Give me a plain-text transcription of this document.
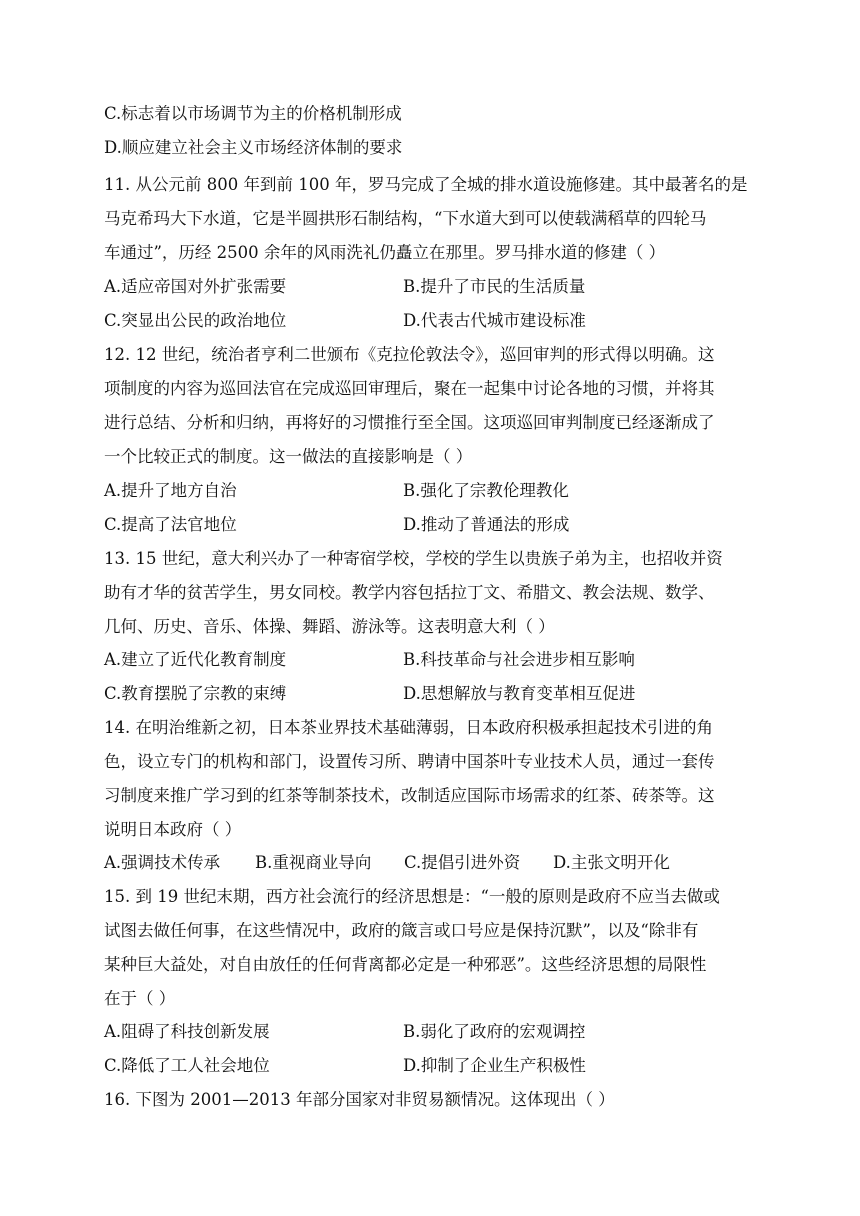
C.标志着以市场调节为主的价格机制形成
D.顺应建立社会主义市场经济体制的要求
11. 从公元前 800 年到前 100 年，罗马完成了全城的排水道设施修建。其中最著名的是
马克希玛大下水道，它是半圆拱形石制结构，“下水道大到可以使载满稻草的四轮马
车通过”，历经 2500 余年的风雨洗礼仍矗立在那里。罗马排水道的修建（ ）
A.适应帝国对外扩张需要	B.提升了市民的生活质量
C.突显出公民的政治地位	D.代表古代城市建设标准
12. 12 世纪，统治者亨利二世颁布《克拉伦敦法令》，巡回审判的形式得以明确。这
项制度的内容为巡回法官在完成巡回审理后，聚在一起集中讨论各地的习惯，并将其
进行总结、分析和归纳，再将好的习惯推行至全国。这项巡回审判制度已经逐渐成了
一个比较正式的制度。这一做法的直接影响是（ ）
A.提升了地方自治	B.强化了宗教伦理教化
C.提高了法官地位	D.推动了普通法的形成
13. 15 世纪，意大利兴办了一种寄宿学校，学校的学生以贵族子弟为主，也招收并资
助有才华的贫苦学生，男女同校。教学内容包括拉丁文、希腊文、教会法规、数学、
几何、历史、音乐、体操、舞蹈、游泳等。这表明意大利（ ）
A.建立了近代化教育制度	B.科技革命与社会进步相互影响
C.教育摆脱了宗教的束缚	D.思想解放与教育变革相互促进
14. 在明治维新之初，日本茶业界技术基础薄弱，日本政府积极承担起技术引进的角
色，设立专门的机构和部门，设置传习所、聘请中国茶叶专业技术人员，通过一套传
习制度来推广学习到的红茶等制茶技术，改制适应国际市场需求的红茶、砖茶等。这
说明日本政府（ ）
A.强调技术传承 B.重视商业导向 C.提倡引进外资 D.主张文明开化
15. 到 19 世纪末期，西方社会流行的经济思想是：“一般的原则是政府不应当去做或
试图去做任何事，在这些情况中，政府的箴言或口号应是保持沉默”，以及“除非有
某种巨大益处，对自由放任的任何背离都必定是一种邪恶”。这些经济思想的局限性
在于（ ）
A.阻碍了科技创新发展	B.弱化了政府的宏观调控
C.降低了工人社会地位	D.抑制了企业生产积极性
16. 下图为 2001—2013 年部分国家对非贸易额情况。这体现出（ ）
